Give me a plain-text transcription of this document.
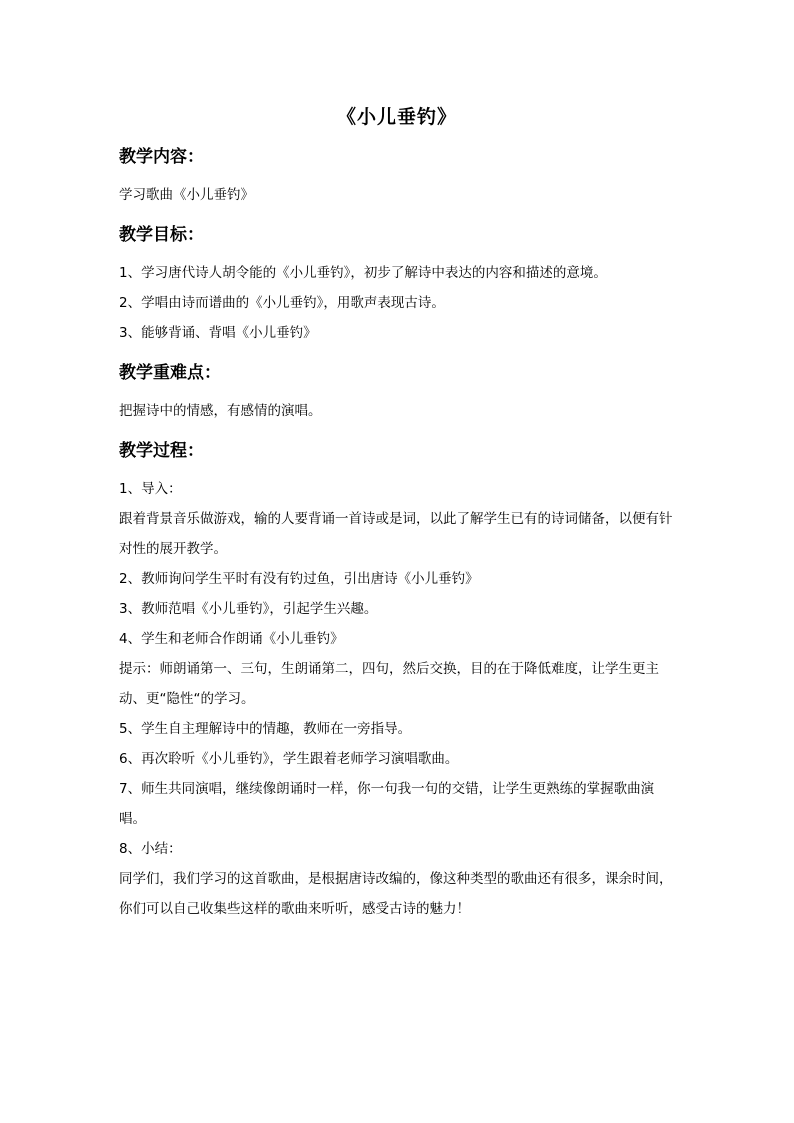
《小儿垂钓》
教学内容：

学习歌曲《小儿垂钓》

教学目标：

1、学习唐代诗人胡令能的《小儿垂钓》，初步了解诗中表达的内容和描述的意境。

2、学唱由诗而谱曲的《小儿垂钓》，用歌声表现古诗。

3、能够背诵、背唱《小儿垂钓》

教学重难点：

把握诗中的情感，有感情的演唱。

教学过程：

1、导入：

跟着背景音乐做游戏，输的人要背诵一首诗或是词，以此了解学生已有的诗词储备，以便有针对性的展开教学。

2、教师询问学生平时有没有钓过鱼，引出唐诗《小儿垂钓》

3、教师范唱《小儿垂钓》，引起学生兴趣。

4、学生和老师合作朗诵《小儿垂钓》

提示：师朗诵第一、三句，生朗诵第二，四句，然后交换，目的在于降低难度，让学生更主动、更“隐性“的学习。

5、学生自主理解诗中的情趣，教师在一旁指导。

6、再次聆听《小儿垂钓》，学生跟着老师学习演唱歌曲。

7、师生共同演唱，继续像朗诵时一样，你一句我一句的交错，让学生更熟练的掌握歌曲演唱。

8、小结：

同学们，我们学习的这首歌曲，是根据唐诗改编的，像这种类型的歌曲还有很多，课余时间，你们可以自己收集些这样的歌曲来听听，感受古诗的魅力！
